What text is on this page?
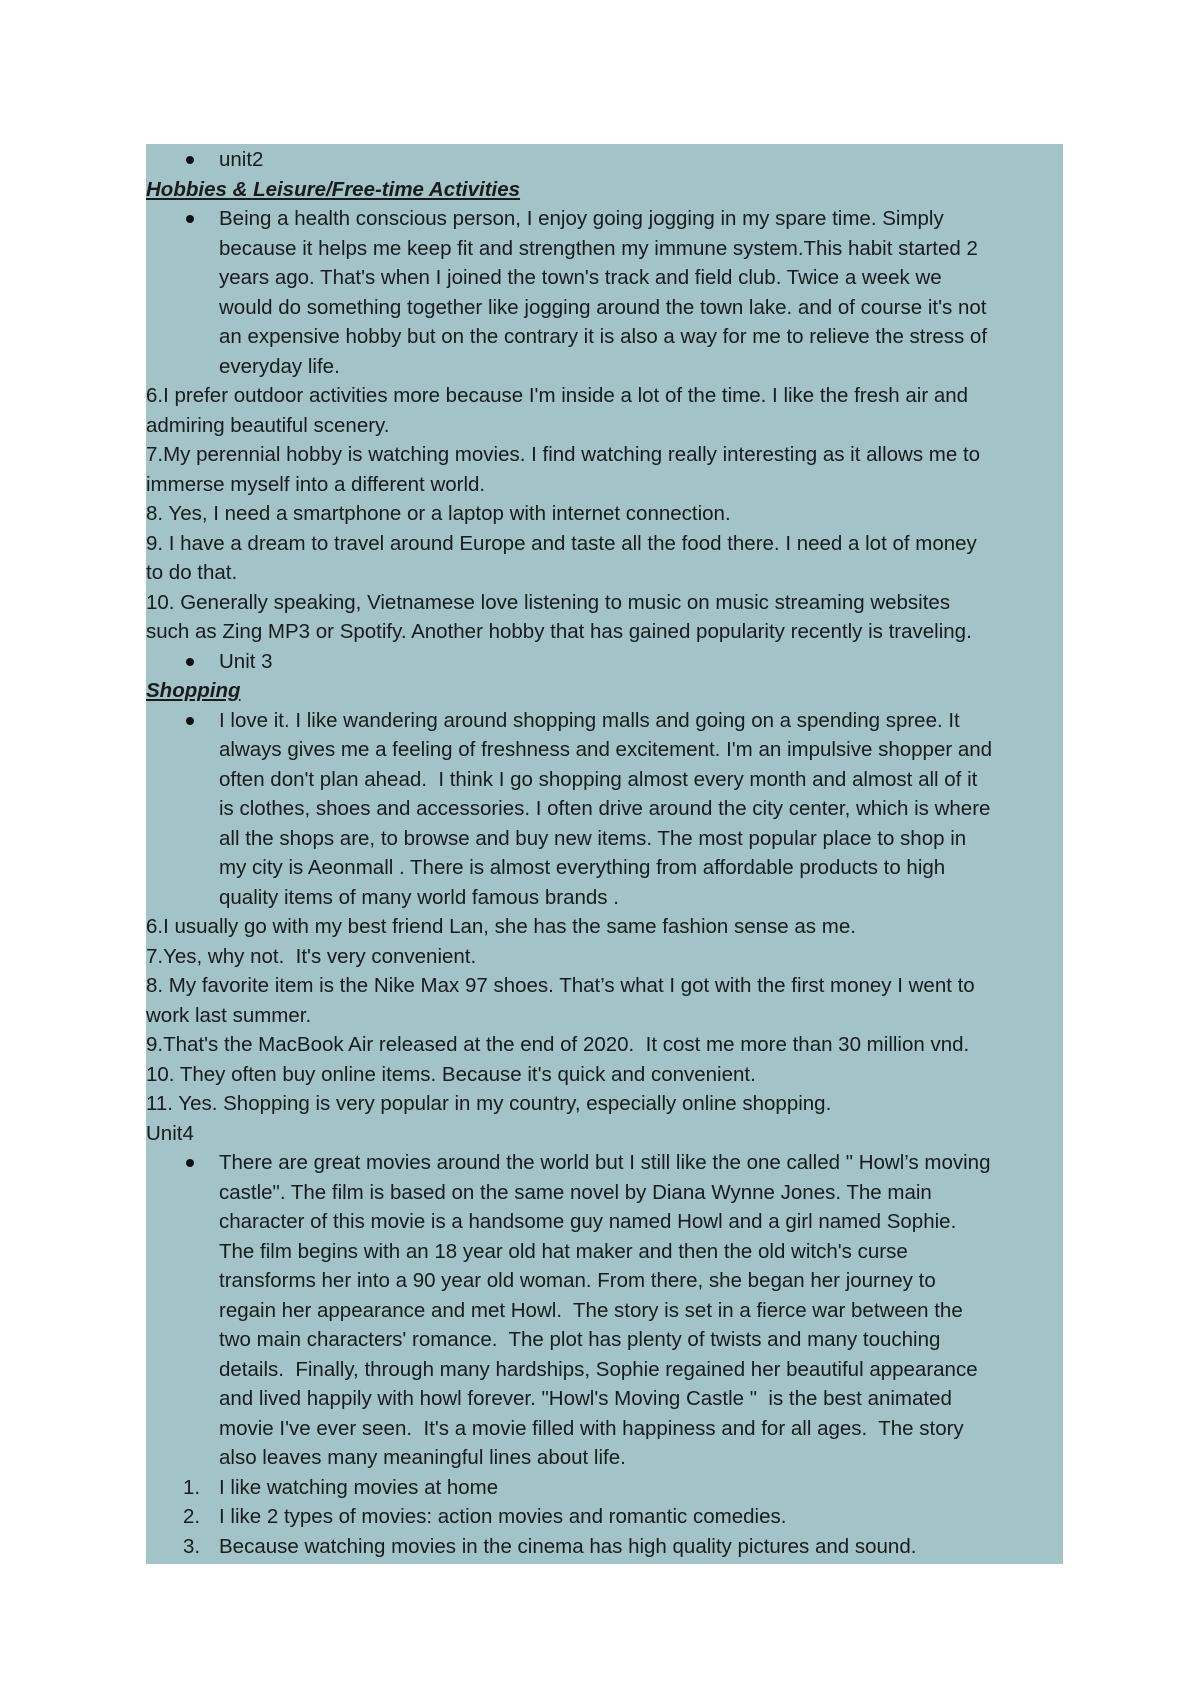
unit2
Hobbies & Leisure/Free-time Activities
Being a health conscious person, I enjoy going jogging in my spare time. Simply
because it helps me keep fit and strengthen my immune system.This habit started 2
years ago. That's when I joined the town's track and field club. Twice a week we
would do something together like jogging around the town lake. and of course it's not
an expensive hobby but on the contrary it is also a way for me to relieve the stress of
everyday life.
6.I prefer outdoor activities more because I'm inside a lot of the time. I like the fresh air and
admiring beautiful scenery.
7.My perennial hobby is watching movies. I find watching really interesting as it allows me to
immerse myself into a different world.
8. Yes, I need a smartphone or a laptop with internet connection.
9. I have a dream to travel around Europe and taste all the food there. I need a lot of money
to do that.
10. Generally speaking, Vietnamese love listening to music on music streaming websites
such as Zing MP3 or Spotify. Another hobby that has gained popularity recently is traveling.
Unit 3
Shopping
I love it. I like wandering around shopping malls and going on a spending spree. It
always gives me a feeling of freshness and excitement. I'm an impulsive shopper and
often don't plan ahead.  I think I go shopping almost every month and almost all of it
is clothes, shoes and accessories. I often drive around the city center, which is where
all the shops are, to browse and buy new items. The most popular place to shop in
my city is Aeonmall . There is almost everything from affordable products to high
quality items of many world famous brands .
6.I usually go with my best friend Lan, she has the same fashion sense as me.
7.Yes, why not.  It's very convenient.
8. My favorite item is the Nike Max 97 shoes. That’s what I got with the first money I went to
work last summer.
9.That's the MacBook Air released at the end of 2020.  It cost me more than 30 million vnd.
10. They often buy online items. Because it's quick and convenient.
11. Yes. Shopping is very popular in my country, especially online shopping.
Unit4
There are great movies around the world but I still like the one called " Howl’s moving
castle". The film is based on the same novel by Diana Wynne Jones. The main
character of this movie is a handsome guy named Howl and a girl named Sophie.
The film begins with an 18 year old hat maker and then the old witch's curse
transforms her into a 90 year old woman. From there, she began her journey to
regain her appearance and met Howl.  The story is set in a fierce war between the
two main characters' romance.  The plot has plenty of twists and many touching
details.  Finally, through many hardships, Sophie regained her beautiful appearance
and lived happily with howl forever. "Howl's Moving Castle "  is the best animated
movie I've ever seen.  It's a movie filled with happiness and for all ages.  The story
also leaves many meaningful lines about life.
1. I like watching movies at home
2. I like 2 types of movies: action movies and romantic comedies.
3. Because watching movies in the cinema has high quality pictures and sound.
